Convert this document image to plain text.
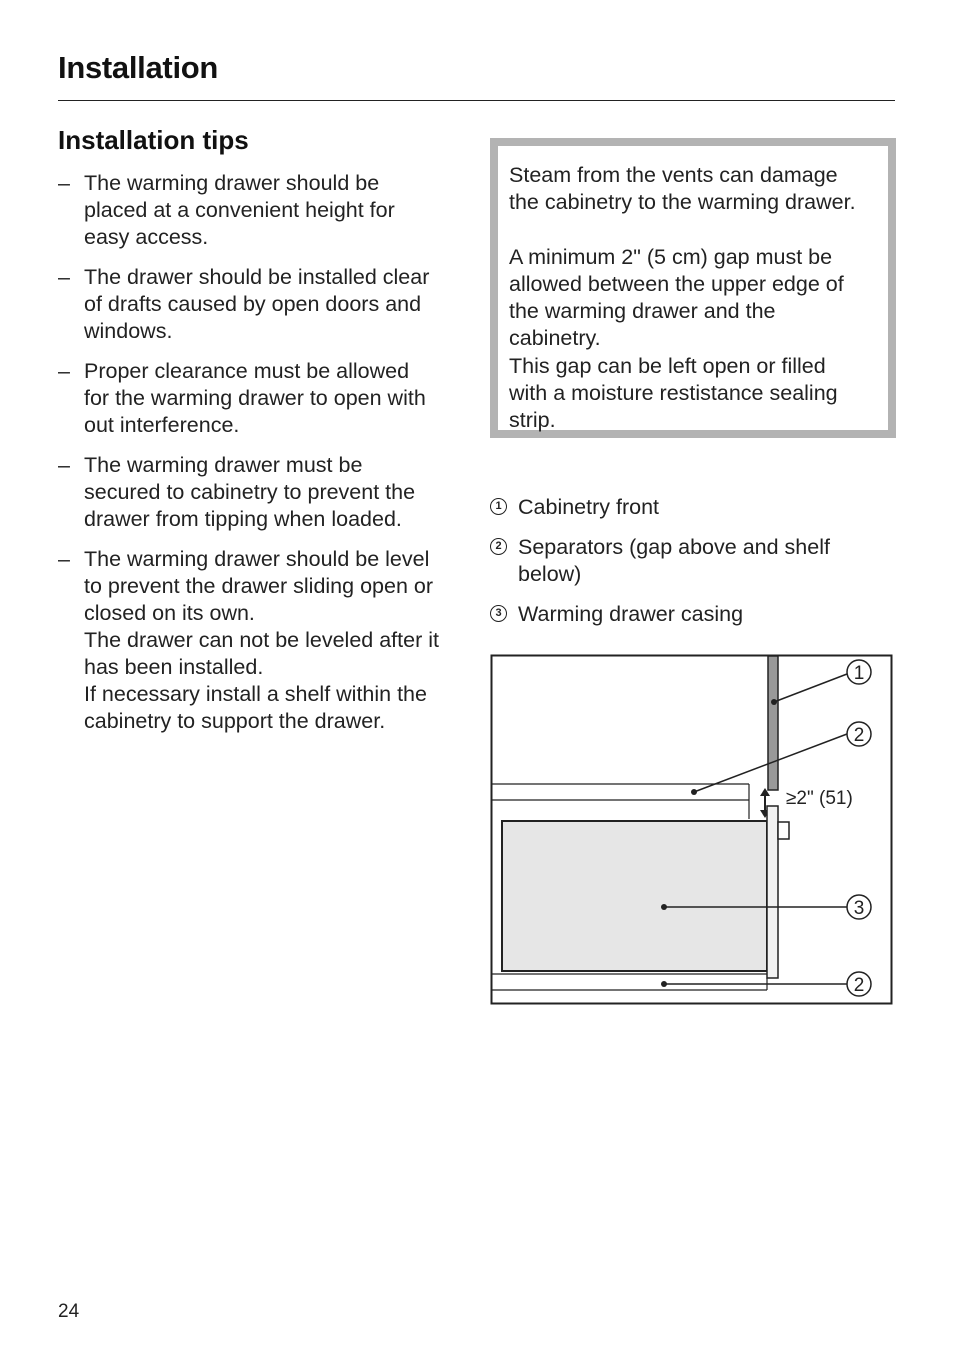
Installation
Installation tips
– The warming drawer should be
placed at a convenient height for
easy access.
– The drawer should be installed clear
of drafts caused by open doors and
windows.
– Proper clearance must be allowed
for the warming drawer to open with
out interference.
– The warming drawer must be
secured to cabinetry to prevent the
drawer from tipping when loaded.
– The warming drawer should be level
to prevent the drawer sliding open or
closed on its own.
The drawer can not be leveled after it
has been installed.
If necessary install a shelf within the
cabinetry to support the drawer.
Steam from the vents can damage
the cabinetry to the warming drawer.
A minimum 2" (5 cm) gap must be
allowed between the upper edge of
the warming drawer and the
cabinetry.
This gap can be left open or filled
with a moisture restistance sealing
strip.
1 Cabinetry front
2 Separators (gap above and shelf
below)
3 Warming drawer casing
≥2" (51)
1
2
3
2
24
